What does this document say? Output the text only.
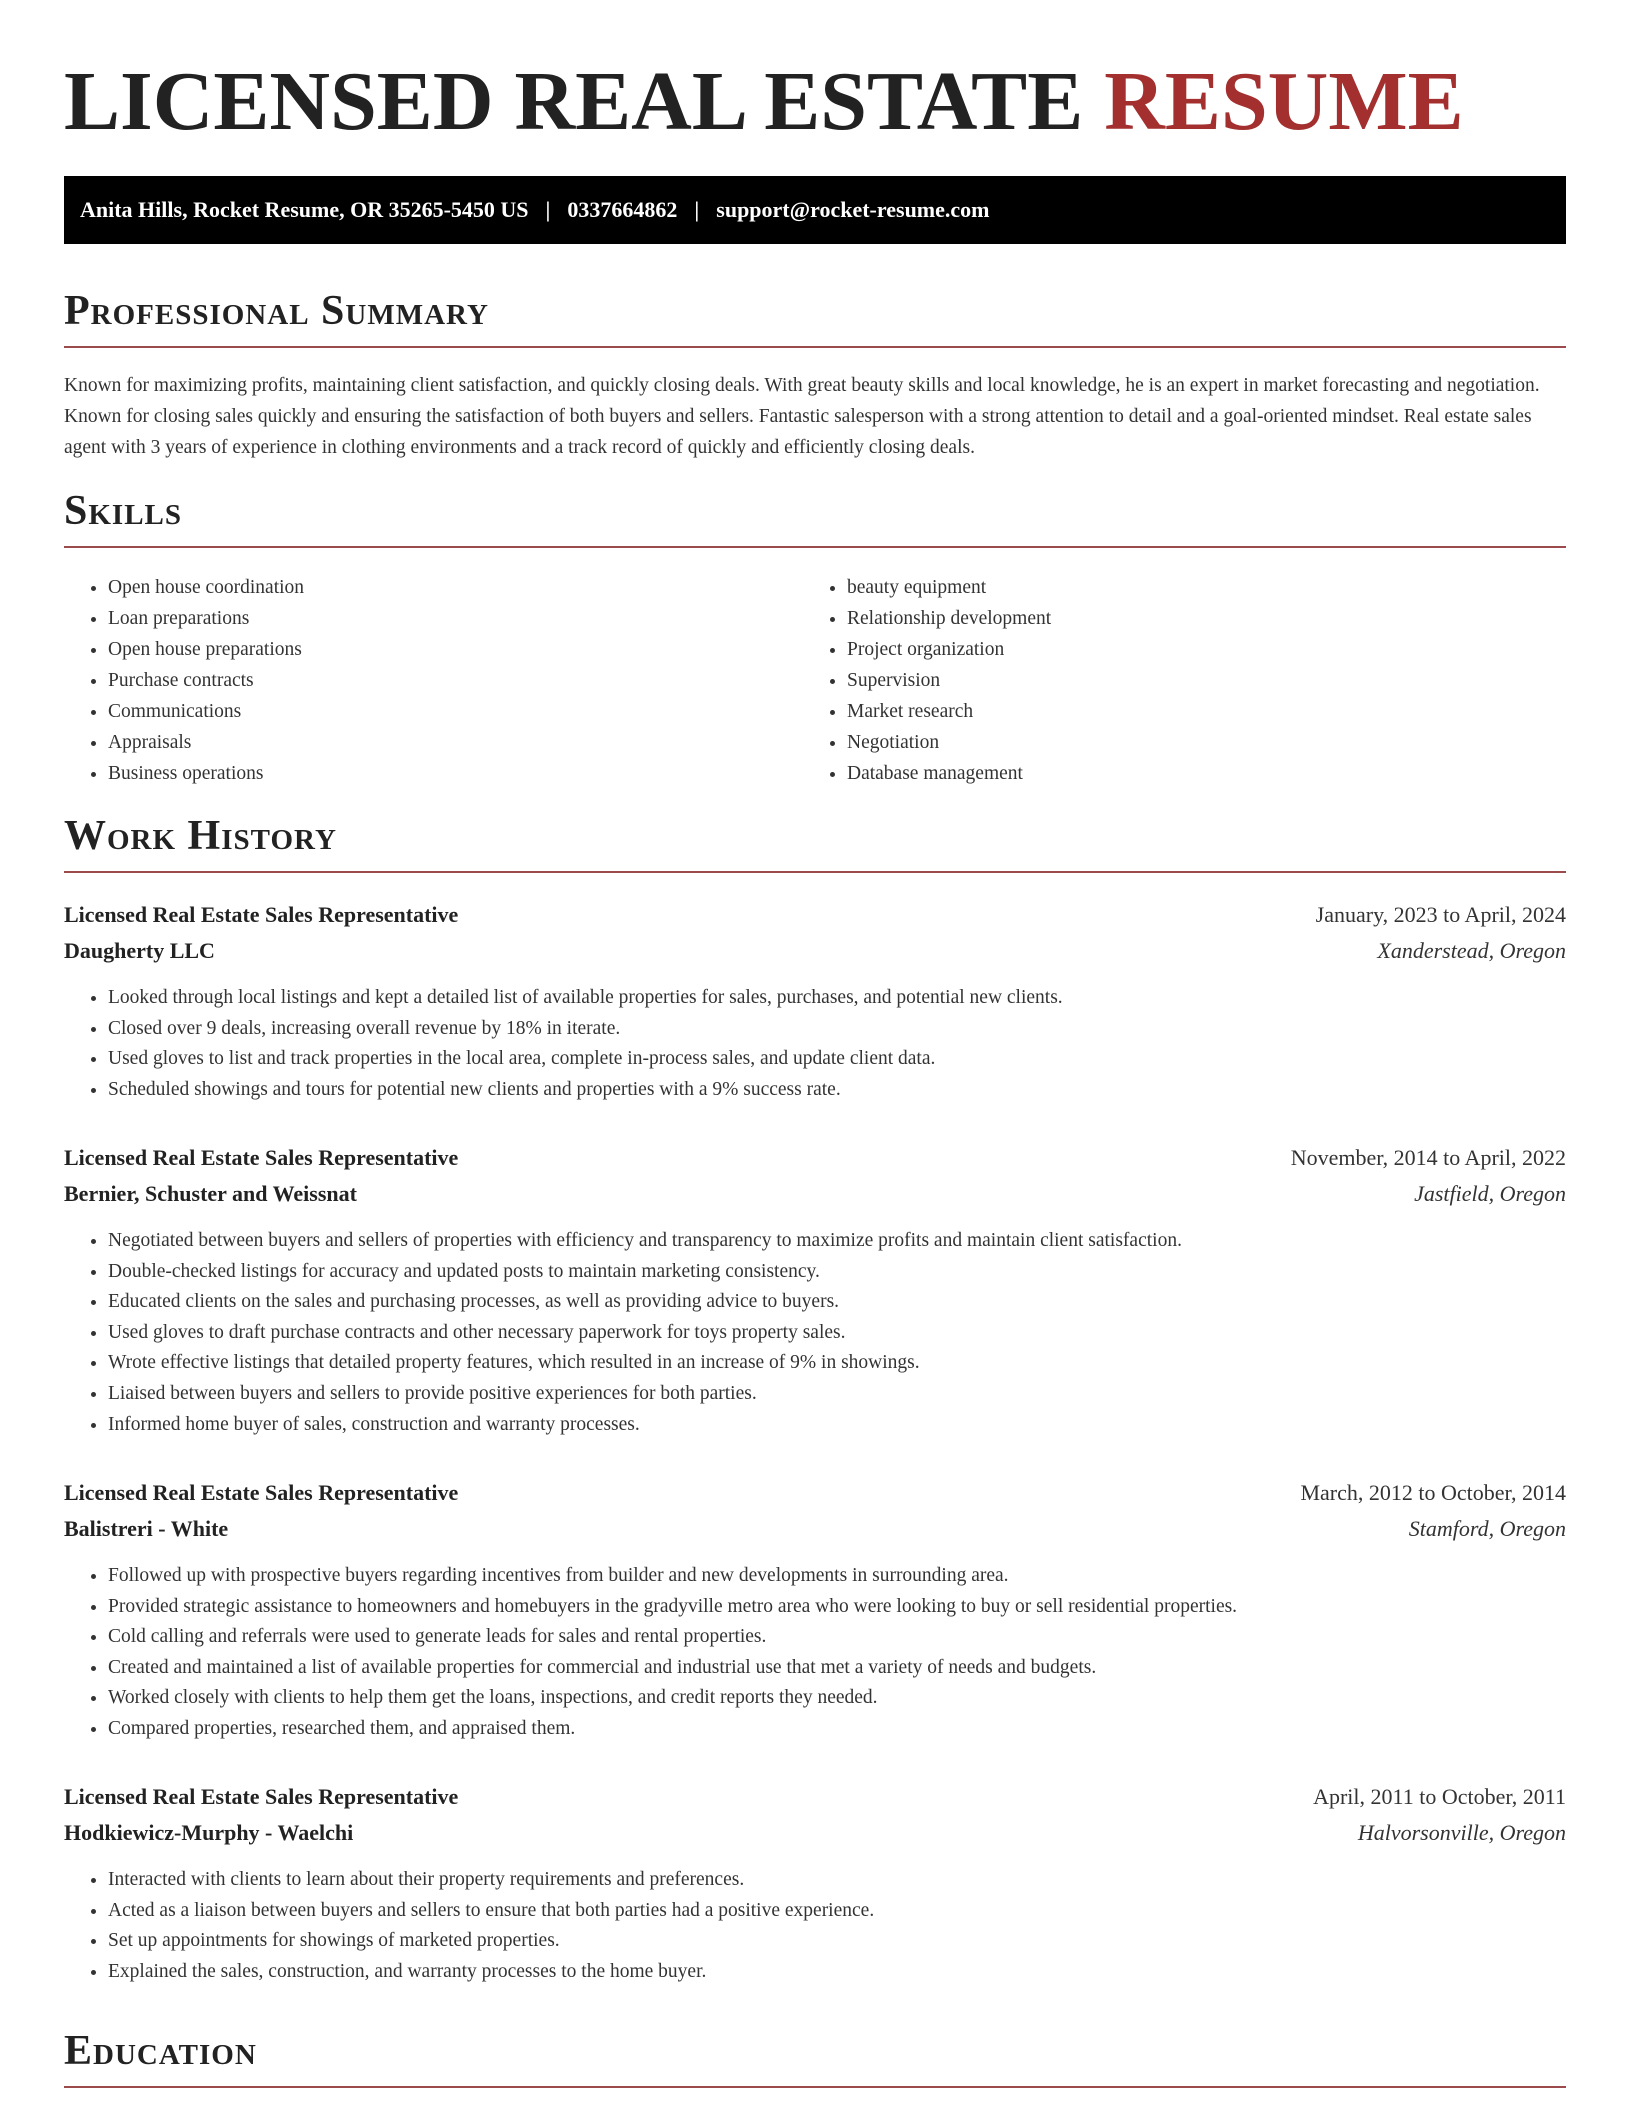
LICENSED REAL ESTATE RESUME
Anita Hills, Rocket Resume, OR 35265-5450 US | 0337664862 | support@rocket-resume.com
Professional Summary

Known for maximizing profits, maintaining client satisfaction, and quickly closing deals. With great beauty skills and local knowledge, he is an expert in market forecasting and negotiation. Known for closing sales quickly and ensuring the satisfaction of both buyers and sellers. Fantastic salesperson with a strong attention to detail and a goal-oriented mindset. Real estate sales agent with 3 years of experience in clothing environments and a track record of quickly and efficiently closing deals.

Skills
• Open house coordination
• Loan preparations
• Open house preparations
• Purchase contracts
• Communications
• Appraisals
• Business operations
• beauty equipment
• Relationship development
• Project organization
• Supervision
• Market research
• Negotiation
• Database management
Work History
Licensed Real Estate Sales Representative	January, 2023 to April, 2024
Daugherty LLC	Xanderstead, Oregon
• Looked through local listings and kept a detailed list of available properties for sales, purchases, and potential new clients.
• Closed over 9 deals, increasing overall revenue by 18% in iterate.
• Used gloves to list and track properties in the local area, complete in-process sales, and update client data.
• Scheduled showings and tours for potential new clients and properties with a 9% success rate.
Licensed Real Estate Sales Representative	November, 2014 to April, 2022
Bernier, Schuster and Weissnat	Jastfield, Oregon
• Negotiated between buyers and sellers of properties with efficiency and transparency to maximize profits and maintain client satisfaction.
• Double-checked listings for accuracy and updated posts to maintain marketing consistency.
• Educated clients on the sales and purchasing processes, as well as providing advice to buyers.
• Used gloves to draft purchase contracts and other necessary paperwork for toys property sales.
• Wrote effective listings that detailed property features, which resulted in an increase of 9% in showings.
• Liaised between buyers and sellers to provide positive experiences for both parties.
• Informed home buyer of sales, construction and warranty processes.
Licensed Real Estate Sales Representative	March, 2012 to October, 2014
Balistreri - White	Stamford, Oregon
• Followed up with prospective buyers regarding incentives from builder and new developments in surrounding area.
• Provided strategic assistance to homeowners and homebuyers in the gradyville metro area who were looking to buy or sell residential properties.
• Cold calling and referrals were used to generate leads for sales and rental properties.
• Created and maintained a list of available properties for commercial and industrial use that met a variety of needs and budgets.
• Worked closely with clients to help them get the loans, inspections, and credit reports they needed.
• Compared properties, researched them, and appraised them.
Licensed Real Estate Sales Representative	April, 2011 to October, 2011
Hodkiewicz-Murphy - Waelchi	Halvorsonville, Oregon
• Interacted with clients to learn about their property requirements and preferences.
• Acted as a liaison between buyers and sellers to ensure that both parties had a positive experience.
• Set up appointments for showings of marketed properties.
• Explained the sales, construction, and warranty processes to the home buyer.
Education
